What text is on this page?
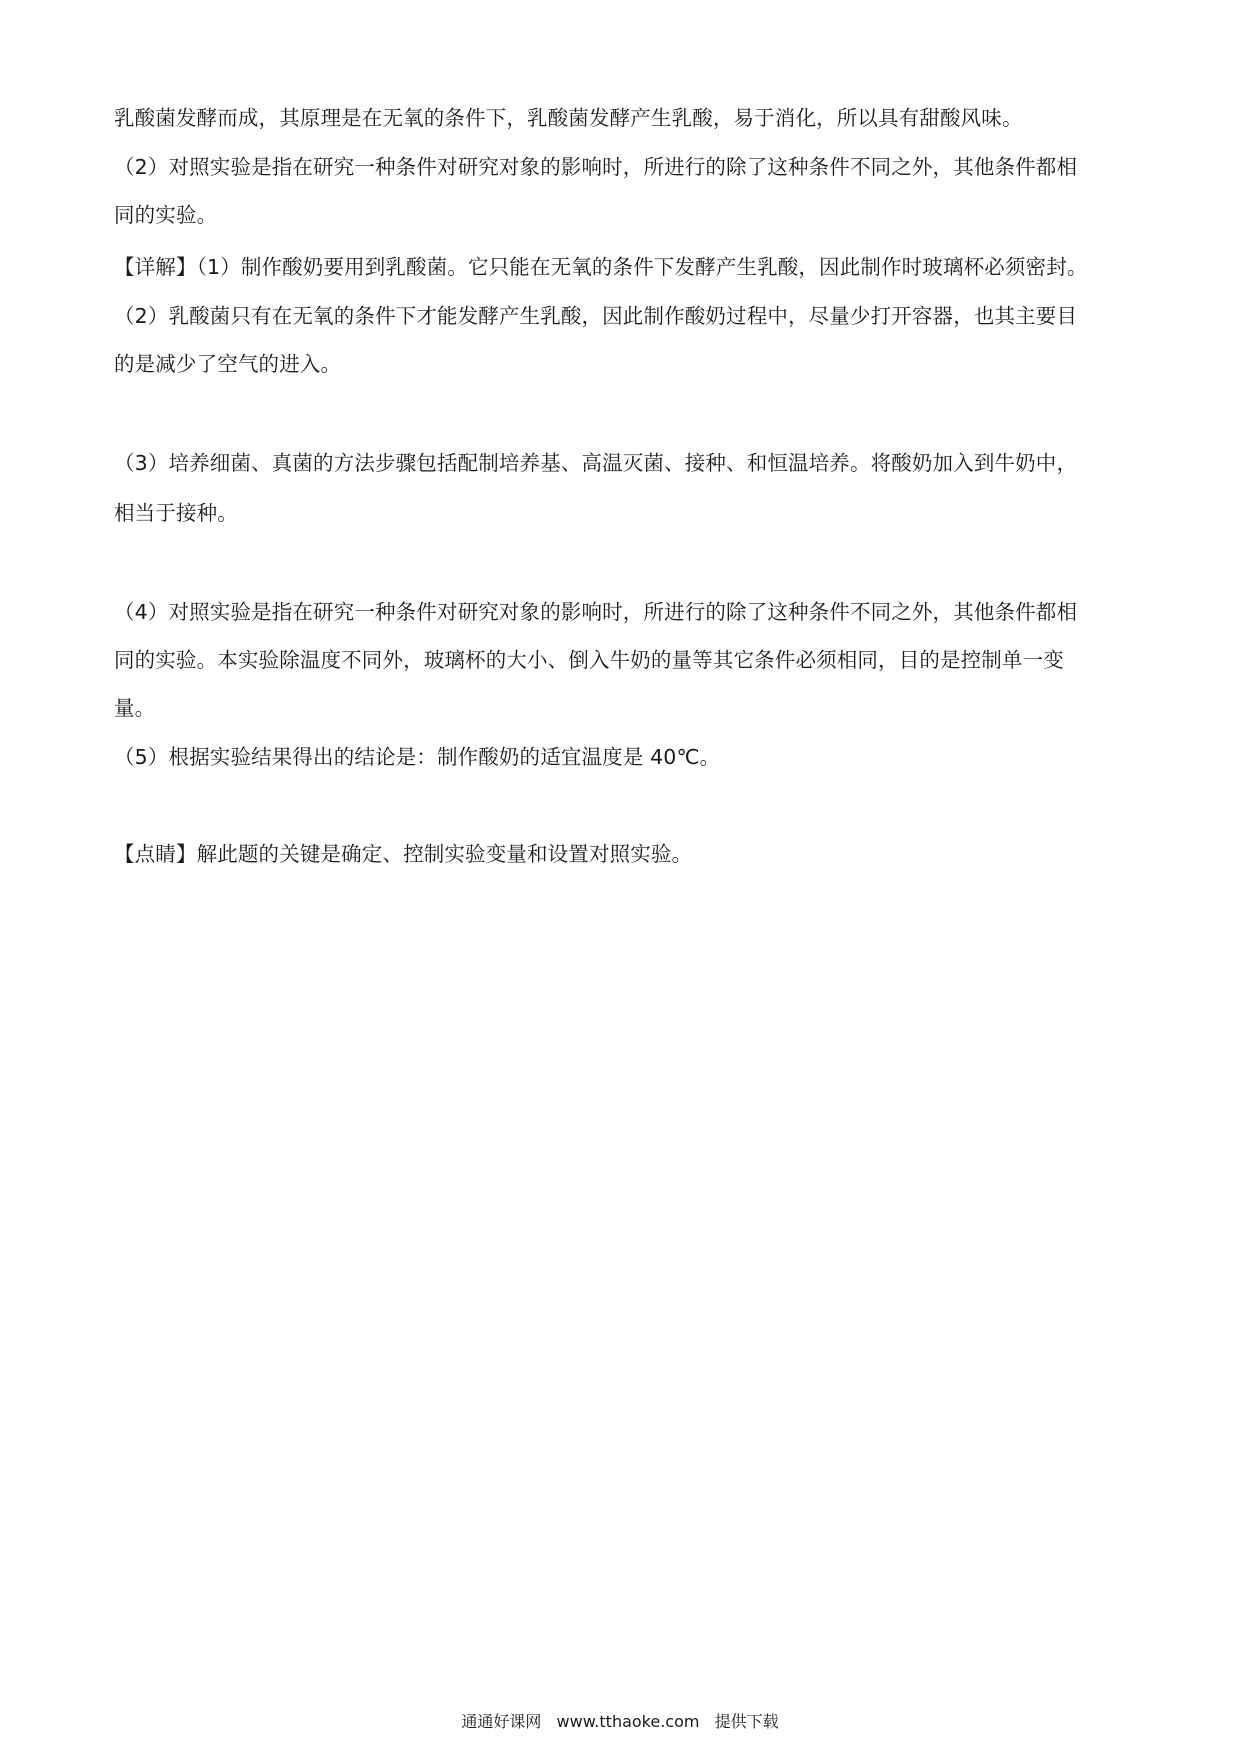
乳酸菌发酵而成，其原理是在无氧的条件下，乳酸菌发酵产生乳酸，易于消化，所以具有甜酸风味。
（2）对照实验是指在研究一种条件对研究对象的影响时，所进行的除了这种条件不同之外，其他条件都相
同的实验。
【详解】（1）制作酸奶要用到乳酸菌。它只能在无氧的条件下发酵产生乳酸，因此制作时玻璃杯必须密封。
（2）乳酸菌只有在无氧的条件下才能发酵产生乳酸，因此制作酸奶过程中，尽量少打开容器，也其主要目
的是减少了空气的进入。
（3）培养细菌、真菌的方法步骤包括配制培养基、高温灭菌、接种、和恒温培养。将酸奶加入到牛奶中，
相当于接种。
（4）对照实验是指在研究一种条件对研究对象的影响时，所进行的除了这种条件不同之外，其他条件都相
同的实验。本实验除温度不同外，玻璃杯的大小、倒入牛奶的量等其它条件必须相同，目的是控制单一变
量。
（5）根据实验结果得出的结论是：制作酸奶的适宜温度是 40℃。
【点睛】解此题的关键是确定、控制实验变量和设置对照实验。
通通好课网 www.tthaoke.com 提供下载
